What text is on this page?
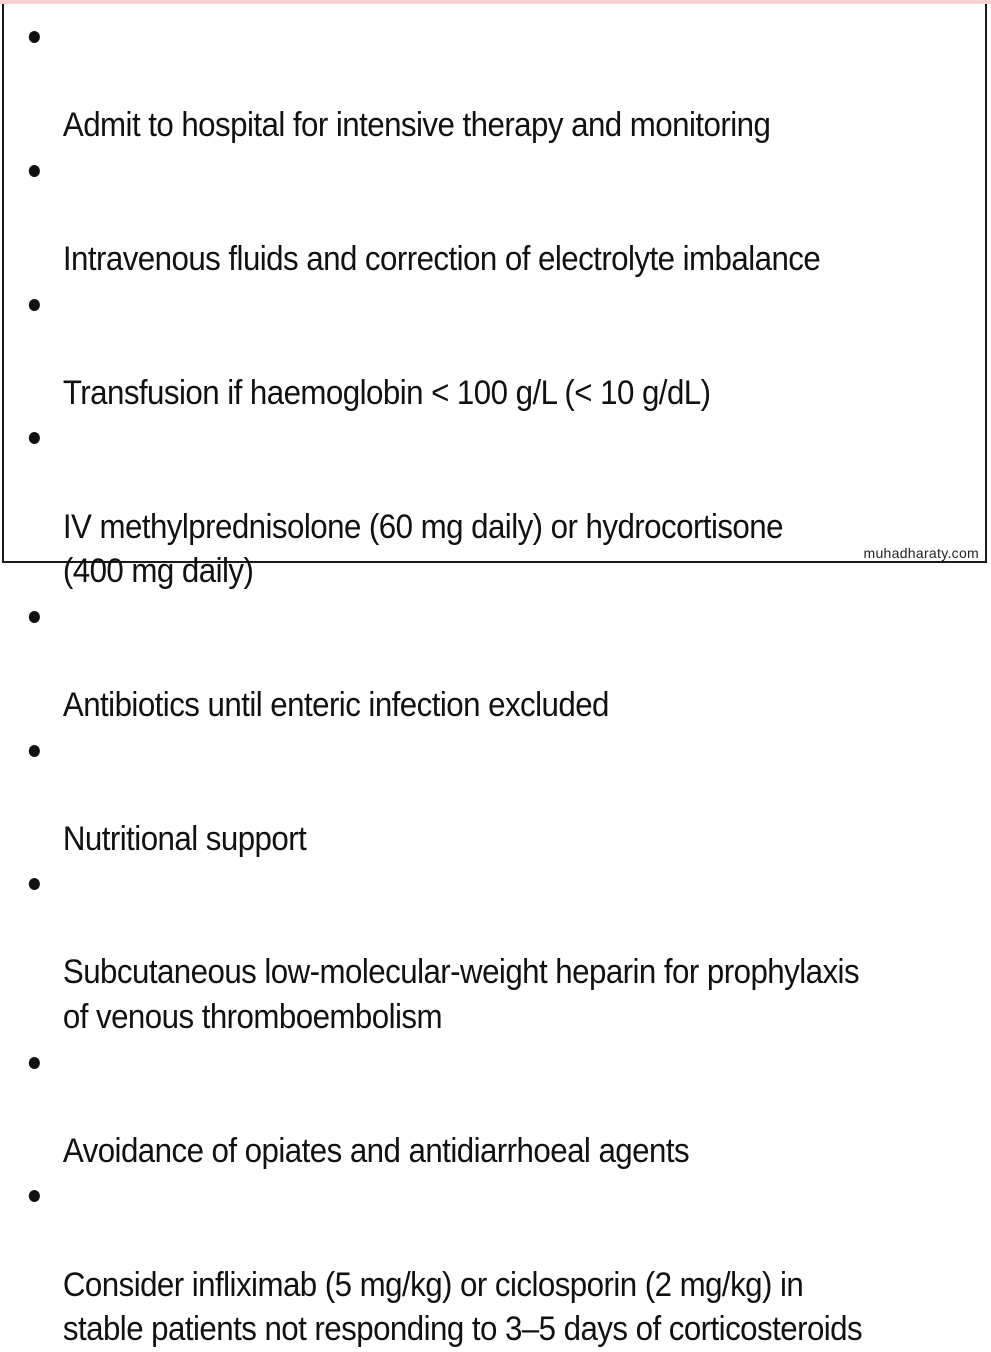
Admit to hospital for intensive therapy and monitoring

Intravenous fluids and correction of electrolyte imbalance

Transfusion if haemoglobin < 100 g/L (< 10 g/dL)

IV methylprednisolone (60 mg daily) or hydrocortisone
(400 mg daily)

Antibiotics until enteric infection excluded

Nutritional support

Subcutaneous low-molecular-weight heparin for prophylaxis
of venous thromboembolism

Avoidance of opiates and antidiarrhoeal agents

Consider infliximab (5 mg/kg) or ciclosporin (2 mg/kg) in
stable patients not responding to 3–5 days of corticosteroids

muhadharaty.com
